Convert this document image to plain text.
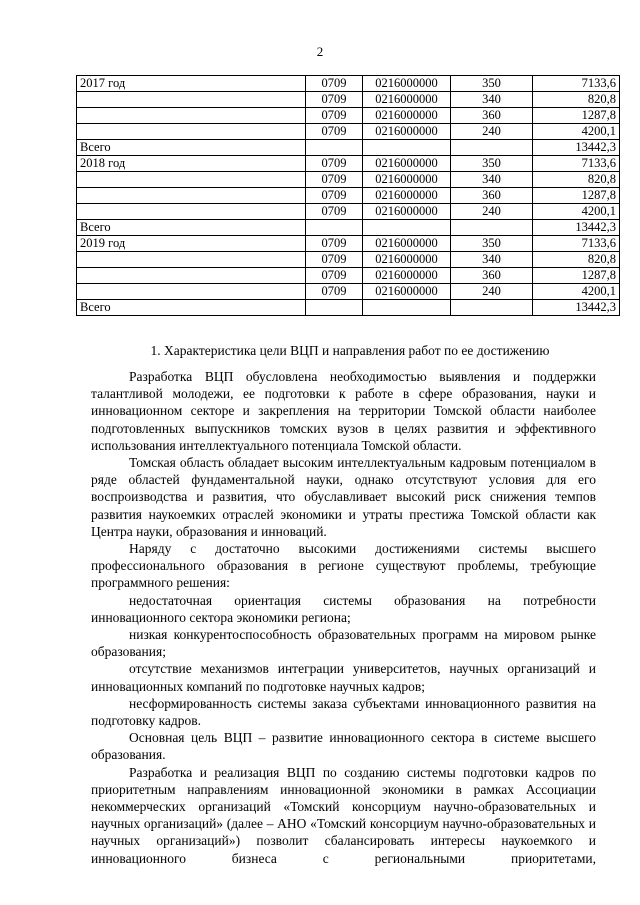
2
2017 год	0709	0216000000	350	7133,6
	0709	0216000000	340	820,8
	0709	0216000000	360	1287,8
	0709	0216000000	240	4200,1
Всего				13442,3
2018 год	0709	0216000000	350	7133,6
	0709	0216000000	340	820,8
	0709	0216000000	360	1287,8
	0709	0216000000	240	4200,1
Всего				13442,3
2019 год	0709	0216000000	350	7133,6
	0709	0216000000	340	820,8
	0709	0216000000	360	1287,8
	0709	0216000000	240	4200,1
Всего				13442,3
1. Характеристика цели ВЦП и направления работ по ее достижению

Разработка ВЦП обусловлена необходимостью выявления и поддержки талантливой молодежи, ее подготовки к работе в сфере образования, науки и инновационном секторе и закрепления на территории Томской области наиболее подготовленных выпускников томских вузов в целях развития и эффективного использования интеллектуального потенциала Томской области.

Томская область обладает высоким интеллектуальным кадровым потенциалом в ряде областей фундаментальной науки, однако отсутствуют условия для его воспроизводства и развития, что обуславливает высокий риск снижения темпов развития наукоемких отраслей экономики и утраты престижа Томской области как Центра науки, образования и инноваций.

Наряду с достаточно высокими достижениями системы высшего профессионального образования в регионе существуют проблемы, требующие программного решения:

недостаточная ориентация системы образования на потребности инновационного сектора экономики региона;

низкая конкурентоспособность образовательных программ на мировом рынке образования;

отсутствие механизмов интеграции университетов, научных организаций и инновационных компаний по подготовке научных кадров;

несформированность системы заказа субъектами инновационного развития на подготовку кадров.

Основная цель ВЦП – развитие инновационного сектора в системе высшего образования.

Разработка и реализация ВЦП по созданию системы подготовки кадров по приоритетным направлениям инновационной экономики в рамках Ассоциации некоммерческих организаций «Томский консорциум научно-образовательных и научных организаций» (далее – АНО «Томский консорциум научно-образовательных и научных организаций») позволит сбалансировать интересы наукоемкого и инновационного бизнеса с региональными приоритетами,
